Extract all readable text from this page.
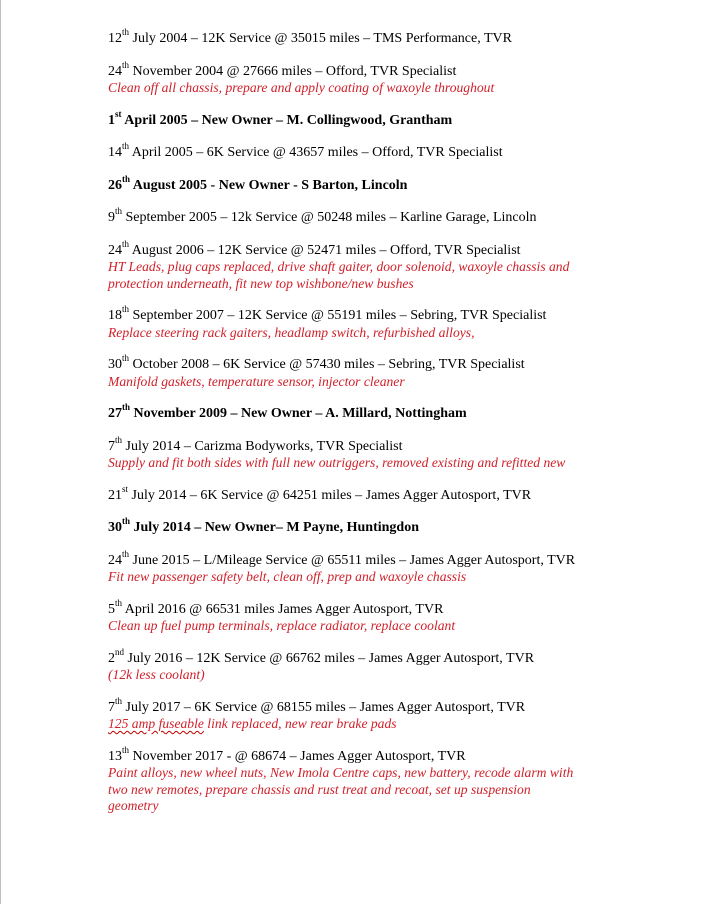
12th July 2004 – 12K Service @ 35015 miles – TMS Performance, TVR
24th November 2004 @ 27666 miles – Offord, TVR Specialist
Clean off all chassis, prepare and apply coating of waxoyle throughout
1st April 2005 – New Owner – M. Collingwood, Grantham
14th April 2005 – 6K Service @ 43657 miles – Offord, TVR Specialist
26th August 2005 - New Owner - S Barton, Lincoln
9th September 2005 – 12k Service @ 50248 miles – Karline Garage, Lincoln
24th August 2006 – 12K Service @ 52471 miles – Offord, TVR Specialist
HT Leads, plug caps replaced, drive shaft gaiter, door solenoid, waxoyle chassis and
protection underneath, fit new top wishbone/new bushes
18th September 2007 – 12K Service @ 55191 miles – Sebring, TVR Specialist
Replace steering rack gaiters, headlamp switch, refurbished alloys,
30th October 2008 – 6K Service @ 57430 miles – Sebring, TVR Specialist
Manifold gaskets, temperature sensor, injector cleaner
27th November 2009 – New Owner – A. Millard, Nottingham
7th July 2014 – Carizma Bodyworks, TVR Specialist
Supply and fit both sides with full new outriggers, removed existing and refitted new
21st July 2014 – 6K Service @ 64251 miles – James Agger Autosport, TVR
30th July 2014 – New Owner– M Payne, Huntingdon
24th June 2015 – L/Mileage Service @ 65511 miles – James Agger Autosport, TVR
Fit new passenger safety belt, clean off, prep and waxoyle chassis
5th April 2016 @ 66531 miles James Agger Autosport, TVR
Clean up fuel pump terminals, replace radiator, replace coolant
2nd July 2016 – 12K Service @ 66762 miles – James Agger Autosport, TVR
(12k less coolant)
7th July 2017 – 6K Service @ 68155 miles – James Agger Autosport, TVR
125 amp fuseable link replaced, new rear brake pads
13th November 2017 - @ 68674 – James Agger Autosport, TVR
Paint alloys, new wheel nuts, New Imola Centre caps, new battery, recode alarm with
two new remotes, prepare chassis and rust treat and recoat, set up suspension
geometry
